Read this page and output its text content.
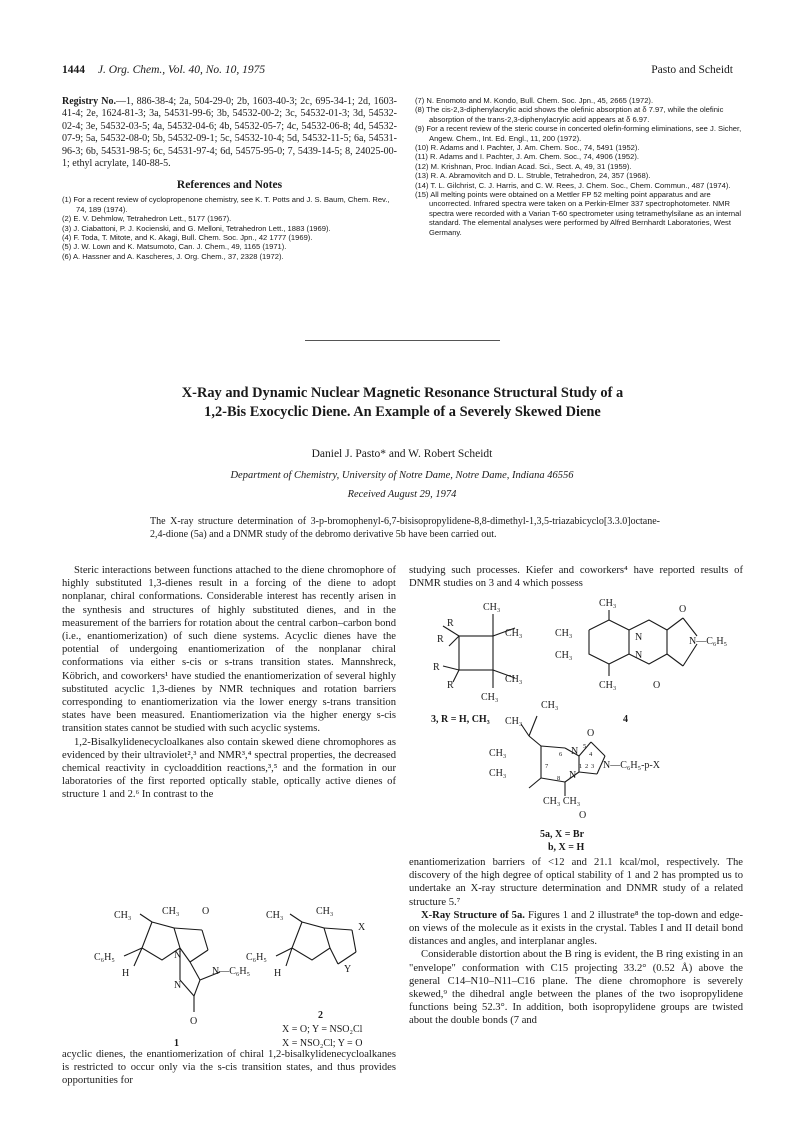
1444 J. Org. Chem., Vol. 40, No. 10, 1975	Pasto and Scheidt

Registry No.—1, 886-38-4; 2a, 504-29-0; 2b, 1603-40-3; 2c, 695-34-1; 2d, 1603-41-4; 2e, 1624-81-3; 3a, 54531-99-6; 3b, 54532-00-2; 3c, 54532-01-3; 3d, 54532-02-4; 3e, 54532-03-5; 4a, 54532-04-6; 4b, 54532-05-7; 4c, 54532-06-8; 4d, 54532-07-9; 5a, 54532-08-0; 5b, 54532-09-1; 5c, 54532-10-4; 5d, 54532-11-5; 6a, 54531-96-3; 6b, 54531-98-5; 6c, 54531-97-4; 6d, 54575-95-0; 7, 5439-14-5; 8, 24025-00-1; ethyl acrylate, 140-88-5.

References and Notes
(1) For a recent review of cyclopropenone chemistry, see K. T. Potts and J. S. Baum, Chem. Rev., 74, 189 (1974).
(2) E. V. Dehmlow, Tetrahedron Lett., 5177 (1967).
(3) J. Ciabattoni, P. J. Kocienski, and G. Melloni, Tetrahedron Lett., 1883 (1969).
(4) F. Toda, T. Mitote, and K. Akagi, Bull. Chem. Soc. Jpn., 42 1777 (1969).
(5) J. W. Lown and K. Matsumoto, Can. J. Chem., 49, 1165 (1971).
(6) A. Hassner and A. Kascheres, J. Org. Chem., 37, 2328 (1972).
(7) N. Enomoto and M. Kondo, Bull. Chem. Soc. Jpn., 45, 2665 (1972).
(8) The cis-2,3-diphenylacrylic acid shows the olefinic absorption at δ 7.97, while the olefinic absorption of the trans-2,3-diphenylacrylic acid appears at δ 6.97.
(9) For a recent review of the steric course in concerted olefin-forming eliminations, see J. Sicher, Angew. Chem., Int. Ed. Engl., 11, 200 (1972).
(10) R. Adams and I. Pachter, J. Am. Chem. Soc., 74, 5491 (1952).
(11) R. Adams and I. Pachter, J. Am. Chem. Soc., 74, 4906 (1952).
(12) M. Krishnan, Proc. Indian Acad. Sci., Sect. A, 49, 31 (1959).
(13) R. A. Abramovitch and D. L. Struble, Tetrahedron, 24, 357 (1968).
(14) T. L. Gilchrist, C. J. Harris, and C. W. Rees, J. Chem. Soc., Chem. Commun., 487 (1974).
(15) All melting points were obtained on a Mettler FP 52 melting point apparatus and are uncorrected. Infrared spectra were taken on a Perkin-Elmer 337 spectrophotometer. NMR spectra were recorded with a Varian T-60 spectrometer using tetramethylsilane as an internal standard. The elemental analyses were performed by Alfred Bernhardt Laboratories, West Germany.
X-Ray and Dynamic Nuclear Magnetic Resonance Structural Study of a
1,2-Bis Exocyclic Diene. An Example of a Severely Skewed Diene
Daniel J. Pasto* and W. Robert Scheidt
Department of Chemistry, University of Notre Dame, Notre Dame, Indiana 46556
Received August 29, 1974
The X-ray structure determination of 3-p-bromophenyl-6,7-bisisopropylidene-8,8-dimethyl-1,3,5-triazabicyclo[3.3.0]octane-2,4-dione (5a) and a DNMR study of the debromo derivative 5b have been carried out.

Steric interactions between functions attached to the diene chromophore of highly substituted 1,3-dienes result in a forcing of the diene to adopt nonplanar, chiral conformations. Considerable interest has recently arisen in the synthesis and structures of highly substituted dienes, and in the measurement of the barriers for rotation about the central carbon–carbon bond (i.e., enantiomerization) of such diene systems. Acyclic dienes have the potential of undergoing enantiomerization of the nonplanar chiral conformations via either s-cis or s-trans transition states. Mannshreck, Köbrich, and coworkers¹ have studied the enantiomerization of several highly substituted acyclic 1,3-dienes by NMR techniques and rotation barriers corresponding to enantiomerization via the lower energy s-trans transition states have been measured. Enantiomerization via the higher energy s-cis transition states cannot be studied with such acyclic systems.

1,2-Bisalkylidenecycloalkanes also contain skewed diene chromophores as evidenced by their ultraviolet²,³ and NMR³,⁴ spectral properties, the decreased chemical reactivity in cycloaddition reactions,³,⁵ and the formation in our laboratories of the first reported optically stable, optically active dienes of structure 1 and 2.⁶ In contrast to the

CH₃	CH₃ O
C₆H₅
H
N
N
N—C₆H₅
O
1
CH₃	CH₃
X
Y
C₆H₅
H
2
X = O; Y = NSO₂Cl
X = NSO₂Cl; Y = O

acyclic dienes, the enantiomerization of chiral 1,2-bisalkylidenecycloalkanes is restricted to occur only via the s-cis transition states, and thus provides opportunities for

studying such processes. Kiefer and coworkers⁴ have reported results of DNMR studies on 3 and 4 which possess

CH₃
R
R
CH₃
R
CH₃
R
CH₃
3, R = H, CH₃
CH₃
CH₃
CH₃
CH₃
O
N
N
N—C₆H₅
O
4
CH₃
CH₃
CH₃
CH₃
CH₃ CH₃
O
O
N
N
N—C₆H₅-p-X
5
4
1 2 3
6
7
8
5a, X = Br
b, X = H

enantiomerization barriers of <12 and 21.1 kcal/mol, respectively. The discovery of the high degree of optical stability of 1 and 2 has prompted us to undertake an X-ray structure determination and DNMR study of a related structure 5.⁷

X-Ray Structure of 5a. Figures 1 and 2 illustrate⁸ the top-down and edge-on views of the molecule as it exists in the crystal. Tables I and II detail bond distances and angles, and interplanar angles.

Considerable distortion about the B ring is evident, the B ring existing in an "envelope" conformation with C15 projecting 33.2° (0.52 Å) above the general C14–N10–N11–C16 plane. The diene chromophore is severely skewed,⁹ the dihedral angle between the planes of the two isopropylidene functions being 52.3°. In addition, both isopropylidene groups are twisted about the double bonds (7 and
